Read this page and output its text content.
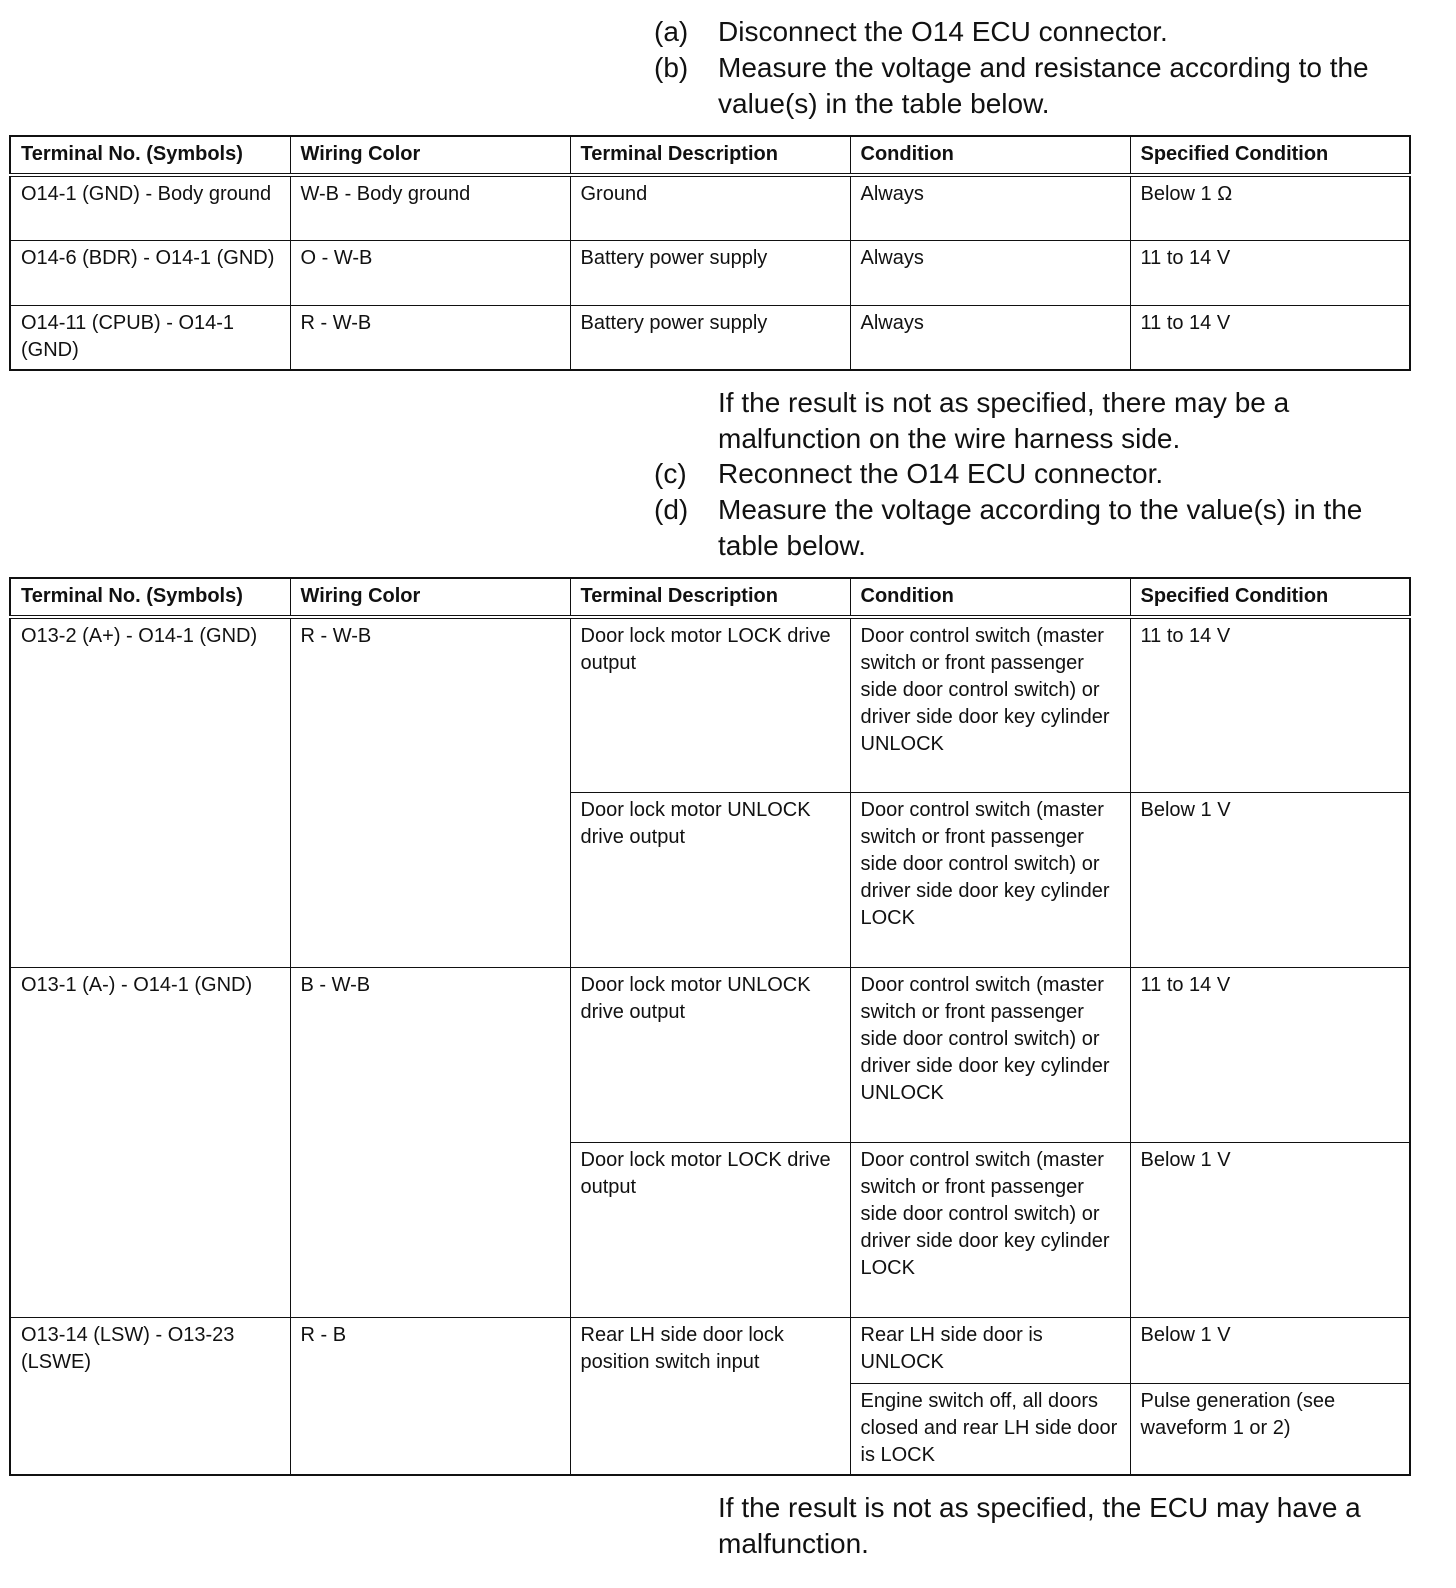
(a)	Disconnect the O14 ECU connector.
(b)	Measure the voltage and resistance according to the value(s) in the table below.
Terminal No. (Symbols)	Wiring Color	Terminal Description	Condition	Specified Condition
O14-1 (GND) - Body ground	W-B - Body ground	Ground	Always	Below 1 Ω
O14-6 (BDR) - O14-1 (GND)	O - W-B	Battery power supply	Always	11 to 14 V
O14-11 (CPUB) - O14-1 (GND)	R - W-B	Battery power supply	Always	11 to 14 V
If the result is not as specified, there may be a malfunction on the wire harness side.
(c)	Reconnect the O14 ECU connector.
(d)	Measure the voltage according to the value(s) in the table below.
Terminal No. (Symbols)	Wiring Color	Terminal Description	Condition	Specified Condition
O13-2 (A+) - O14-1 (GND)	R - W-B	Door lock motor LOCK drive output	Door control switch (master switch or front passenger side door control switch) or driver side door key cylinder UNLOCK	11 to 14 V
		Door lock motor UNLOCK drive output	Door control switch (master switch or front passenger side door control switch) or driver side door key cylinder LOCK	Below 1 V
O13-1 (A-) - O14-1 (GND)	B - W-B	Door lock motor UNLOCK drive output	Door control switch (master switch or front passenger side door control switch) or driver side door key cylinder UNLOCK	11 to 14 V
		Door lock motor LOCK drive output	Door control switch (master switch or front passenger side door control switch) or driver side door key cylinder LOCK	Below 1 V
O13-14 (LSW) - O13-23 (LSWE)	R - B	Rear LH side door lock position switch input	Rear LH side door is UNLOCK	Below 1 V
			Engine switch off, all doors closed and rear LH side door is LOCK	Pulse generation (see waveform 1 or 2)
If the result is not as specified, the ECU may have a malfunction.
